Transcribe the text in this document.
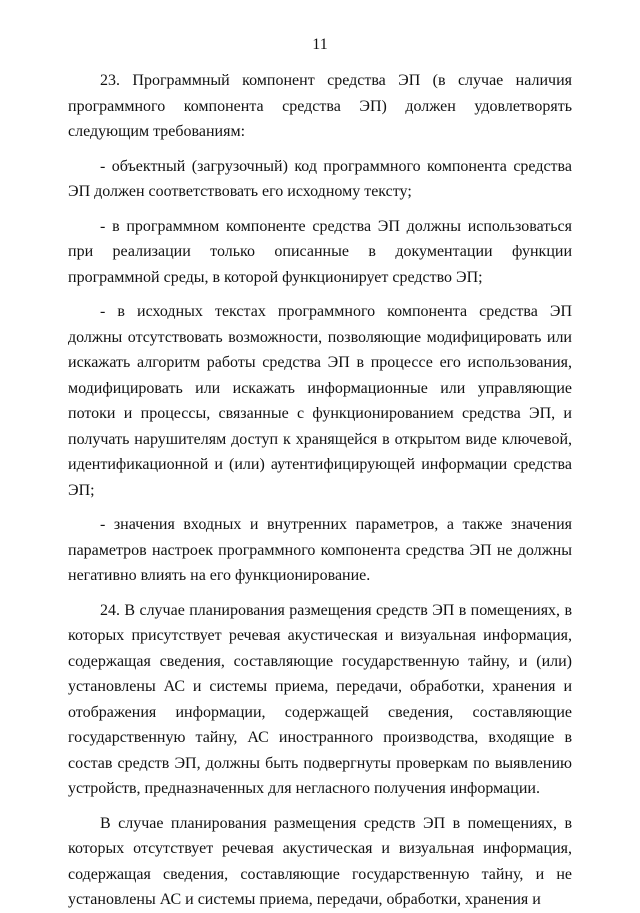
11

23. Программный компонент средства ЭП (в случае наличия программного компонента средства ЭП) должен удовлетворять следующим требованиям:

- объектный (загрузочный) код программного компонента средства ЭП должен соответствовать его исходному тексту;

- в программном компоненте средства ЭП должны использоваться при реализации только описанные в документации функции программной среды, в которой функционирует средство ЭП;

- в исходных текстах программного компонента средства ЭП должны отсутствовать возможности, позволяющие модифицировать или искажать алгоритм работы средства ЭП в процессе его использования, модифицировать или искажать информационные или управляющие потоки и процессы, связанные с функционированием средства ЭП, и получать нарушителям доступ к хранящейся в открытом виде ключевой, идентификационной и (или) аутентифицирующей информации средства ЭП;

- значения входных и внутренних параметров, а также значения параметров настроек программного компонента средства ЭП не должны негативно влиять на его функционирование.

24. В случае планирования размещения средств ЭП в помещениях, в которых присутствует речевая акустическая и визуальная информация, содержащая сведения, составляющие государственную тайну, и (или) установлены АС и системы приема, передачи, обработки, хранения и отображения информации, содержащей сведения, составляющие государственную тайну, АС иностранного производства, входящие в состав средств ЭП, должны быть подвергнуты проверкам по выявлению устройств, предназначенных для негласного получения информации.

В случае планирования размещения средств ЭП в помещениях, в которых отсутствует речевая акустическая и визуальная информация, содержащая сведения, составляющие государственную тайну, и не установлены АС и системы приема, передачи, обработки, хранения и
